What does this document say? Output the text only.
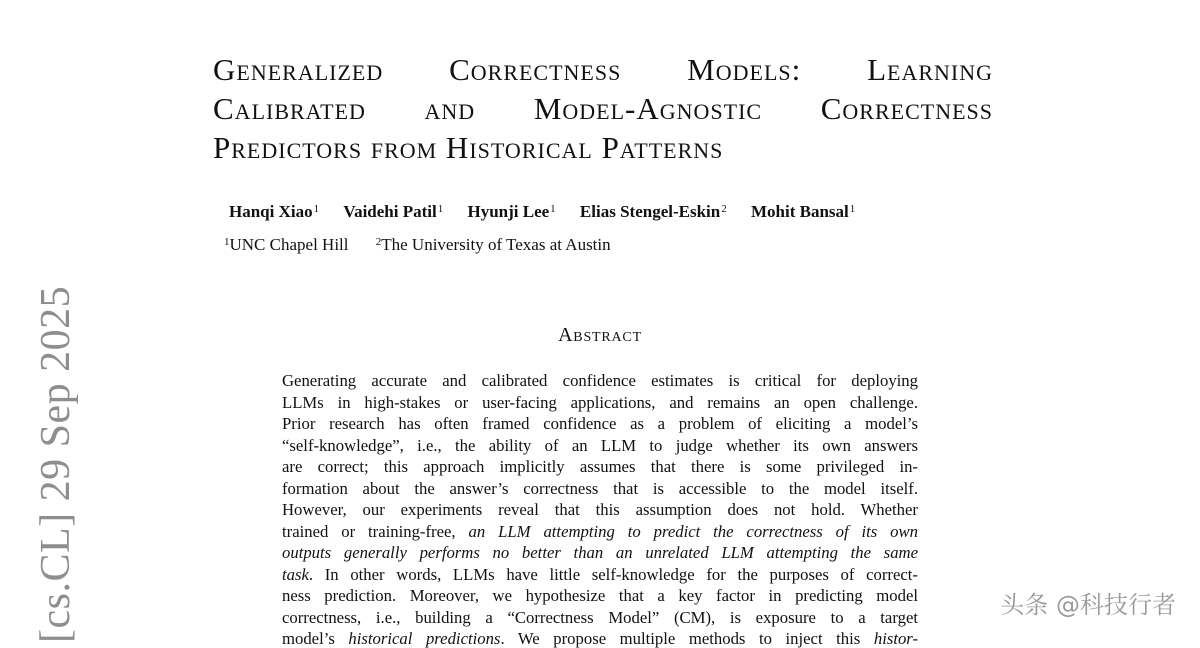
[cs.CL] 29 Sep 2025
Generalized Correctness Models: Learning
Calibrated and Model-Agnostic Correctness
Predictors from Historical Patterns
Hanqi Xiao$^1$ Vaidehi Patil$^1$ Hyunji Lee$^1$ Elias Stengel-Eskin$^2$ Mohit Bansal$^1$
$^1$UNC Chapel Hill $^2$The University of Texas at Austin
Abstract
Generating accurate and calibrated confidence estimates is critical for deploying
LLMs in high-stakes or user-facing applications, and remains an open challenge.
Prior research has often framed confidence as a problem of eliciting a model’s
“self-knowledge”, i.e., the ability of an LLM to judge whether its own answers
are correct; this approach implicitly assumes that there is some privileged in-
formation about the answer’s correctness that is accessible to the model itself.
However, our experiments reveal that this assumption does not hold. Whether
trained or training-free, an LLM attempting to predict the correctness of its own
outputs generally performs no better than an unrelated LLM attempting the same
task. In other words, LLMs have little self-knowledge for the purposes of correct-
ness prediction. Moreover, we hypothesize that a key factor in predicting model
correctness, i.e., building a “Correctness Model” (CM), is exposure to a target
model’s historical predictions. We propose multiple methods to inject this histor-
头条 @科技行者
